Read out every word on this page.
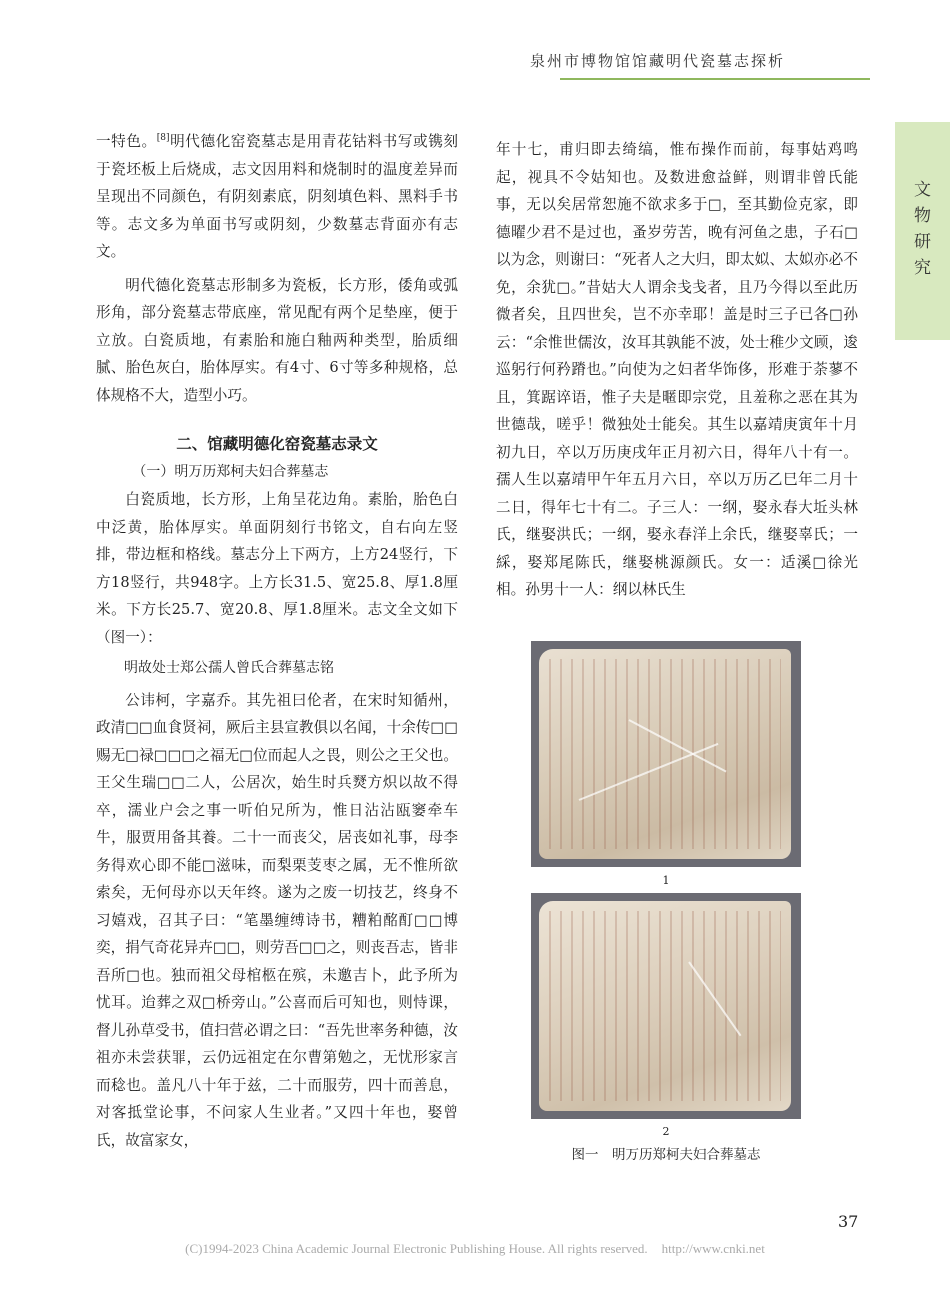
泉州市博物馆馆藏明代瓷墓志探析
文
物
研
究

一特色。[8]明代德化窑瓷墓志是用青花钴料书写或镌刻于瓷坯板上后烧成，志文因用料和烧制时的温度差异而呈现出不同颜色，有阴刻素底，阴刻填色料、黑料手书等。志文多为单面书写或阴刻，少数墓志背面亦有志文。

明代德化瓷墓志形制多为瓷板，长方形，倭角或弧形角，部分瓷墓志带底座，常见配有两个足垫座，便于立放。白瓷质地，有素胎和施白釉两种类型，胎质细腻、胎色灰白，胎体厚实。有4寸、6寸等多种规格，总体规格不大，造型小巧。

二、馆藏明德化窑瓷墓志录文

（一）明万历郑柯夫妇合葬墓志

白瓷质地，长方形，上角呈花边角。素胎，胎色白中泛黄，胎体厚实。单面阴刻行书铭文，自右向左竖排，带边框和格线。墓志分上下两方，上方24竖行，下方18竖行，共948字。上方长31.5、宽25.8、厚1.8厘米。下方长25.7、宽20.8、厚1.8厘米。志文全文如下（图一）：

明故处士郑公孺人曾氏合葬墓志铭

公讳柯，字嘉乔。其先祖曰伦者，在宋时知循州，政清□□血食贤祠，厥后主县宣教俱以名闻，十余传□□赐无□禄□□□之福无□位而起人之畏，则公之王父也。王父生瑞□□二人，公居次，始生时兵燹方炽以故不得卒，濡业户会之事一听伯兄所为，惟日沾沾瓯窭牵车牛，服贾用备其養。二十一而丧父，居丧如礼事，母李务得欢心即不能□滋味，而梨栗芰枣之属，无不惟所欲索矣，无何母亦以天年终。遂为之废一切技艺，终身不习嬉戏，召其子曰：“笔墨缠缚诗书，糟粕酩酊□□博奕，捐气奇花异卉□□，则劳吾□□之，则丧吾志，皆非吾所□也。独而祖父母棺柩在殡，未邀吉卜，此予所为忧耳。迨葬之双□桥旁山。”公喜而后可知也，则恃课，督儿孙草受书，值扫营必谓之曰：“吾先世率务种德，汝祖亦未尝获罪，云仍远祖定在尔曹第勉之，无忧形家言而稔也。盖凡八十年于兹，二十而服劳，四十而善息，对客抵堂论事，不问家人生业者。”又四十年也，娶曾氏，故富家女，

年十七，甫归即去绮缟，惟布操作而前，每事姑鸡鸣起，视具不令姑知也。及数进愈益鲜，则谓非曾氏能事，无以矣居常恕施不欲求多于□，至其勤俭克家，即德曜少君不是过也，蚤岁劳苦，晚有河鱼之患，子石□以为念，则谢曰：“死者人之大归，即太姒、太姒亦必不免，余犹□。”昔姑大人谓余戋戋者，且乃今得以至此历微者矣，且四世矣，岂不亦幸耶！盖是时三子已各□孙云：“余惟世儒汝，汝耳其孰能不波，处士稚少文顾，逡巡躬行何矜蹐也。”向使为之妇者华饰侈，形难于荼蓼不且，箕踞谇语，惟子夫是暱即宗党，且羞称之恶在其为世德哉，嗟乎！微独处士能矣。其生以嘉靖庚寅年十月初九日，卒以万历庚戌年正月初六日，得年八十有一。孺人生以嘉靖甲午年五月六日，卒以万历乙巳年二月十二日，得年七十有二。子三人：一纲，娶永春大坵头林氏，继娶洪氏；一纲，娶永春洋上余氏，继娶辜氏；一綵，娶郑尾陈氏，继娶桃源颜氏。女一：适溪□徐光相。孙男十一人：纲以林氏生

1
2
图一　明万历郑柯夫妇合葬墓志
37
(C)1994-2023 China Academic Journal Electronic Publishing House. All rights reserved. http://www.cnki.net
